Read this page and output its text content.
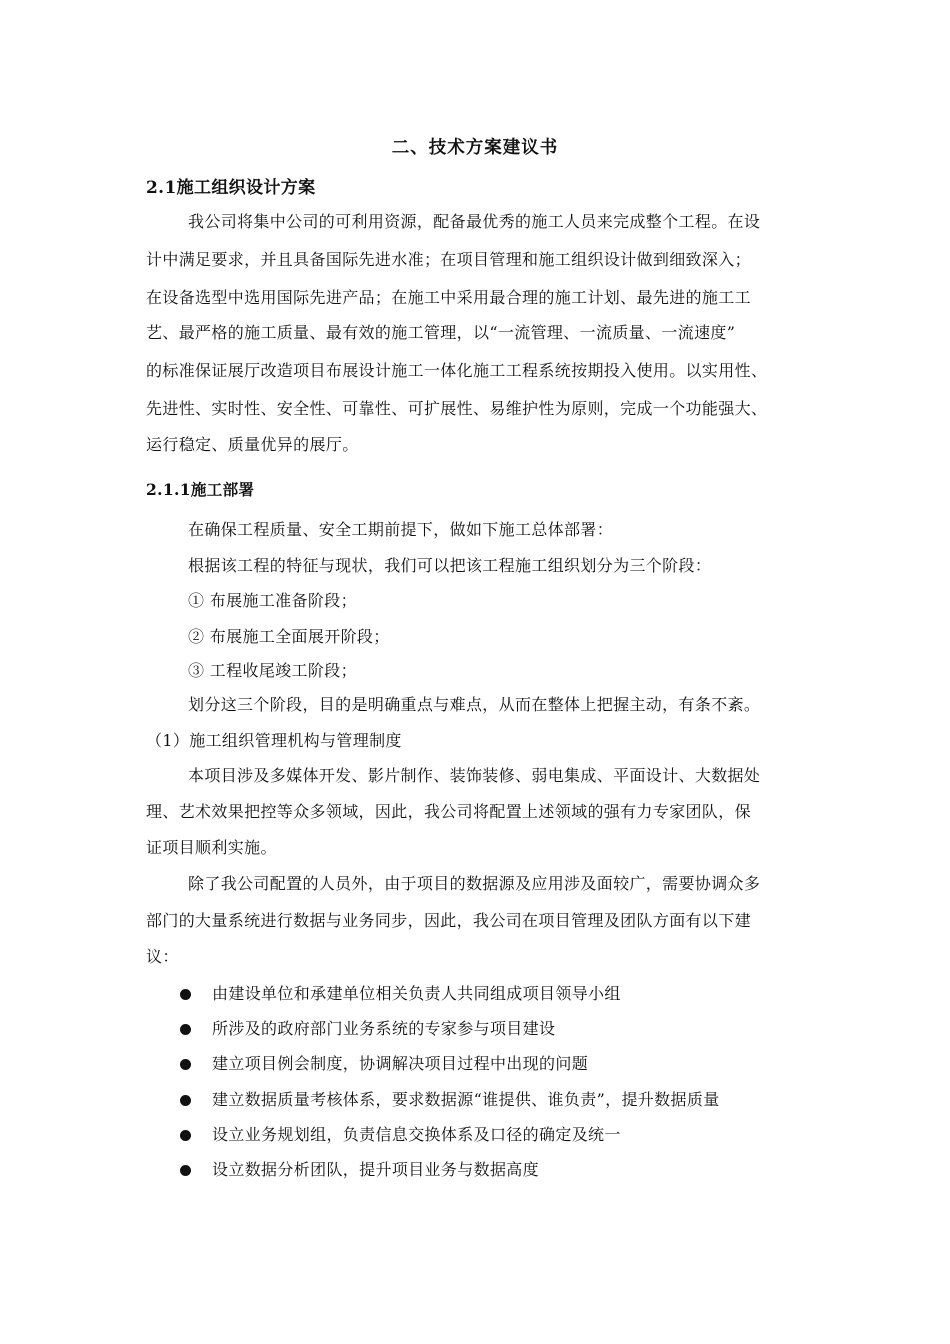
二、技术方案建议书
2.1施工组织设计方案
我公司将集中公司的可利用资源，配备最优秀的施工人员来完成整个工程。在设
计中满足要求，并且具备国际先进水准；在项目管理和施工组织设计做到细致深入；
在设备选型中选用国际先进产品；在施工中采用最合理的施工计划、最先进的施工工
艺、最严格的施工质量、最有效的施工管理，以“一流管理、一流质量、一流速度”
的标准保证展厅改造项目布展设计施工一体化施工工程系统按期投入使用。以实用性、
先进性、实时性、安全性、可靠性、可扩展性、易维护性为原则，完成一个功能强大、
运行稳定、质量优异的展厅。
2.1.1施工部署
在确保工程质量、安全工期前提下，做如下施工总体部署：
根据该工程的特征与现状，我们可以把该工程施工组织划分为三个阶段：
① 布展施工准备阶段；
② 布展施工全面展开阶段；
③ 工程收尾竣工阶段；
划分这三个阶段，目的是明确重点与难点，从而在整体上把握主动，有条不紊。
（1）施工组织管理机构与管理制度
本项目涉及多媒体开发、影片制作、装饰装修、弱电集成、平面设计、大数据处
理、艺术效果把控等众多领域，因此，我公司将配置上述领域的强有力专家团队，保
证项目顺利实施。
除了我公司配置的人员外，由于项目的数据源及应用涉及面较广，需要协调众多
部门的大量系统进行数据与业务同步，因此，我公司在项目管理及团队方面有以下建
议：
由建设单位和承建单位相关负责人共同组成项目领导小组
所涉及的政府部门业务系统的专家参与项目建设
建立项目例会制度，协调解决项目过程中出现的问题
建立数据质量考核体系，要求数据源“谁提供、谁负责”，提升数据质量
设立业务规划组，负责信息交换体系及口径的确定及统一
设立数据分析团队，提升项目业务与数据高度
